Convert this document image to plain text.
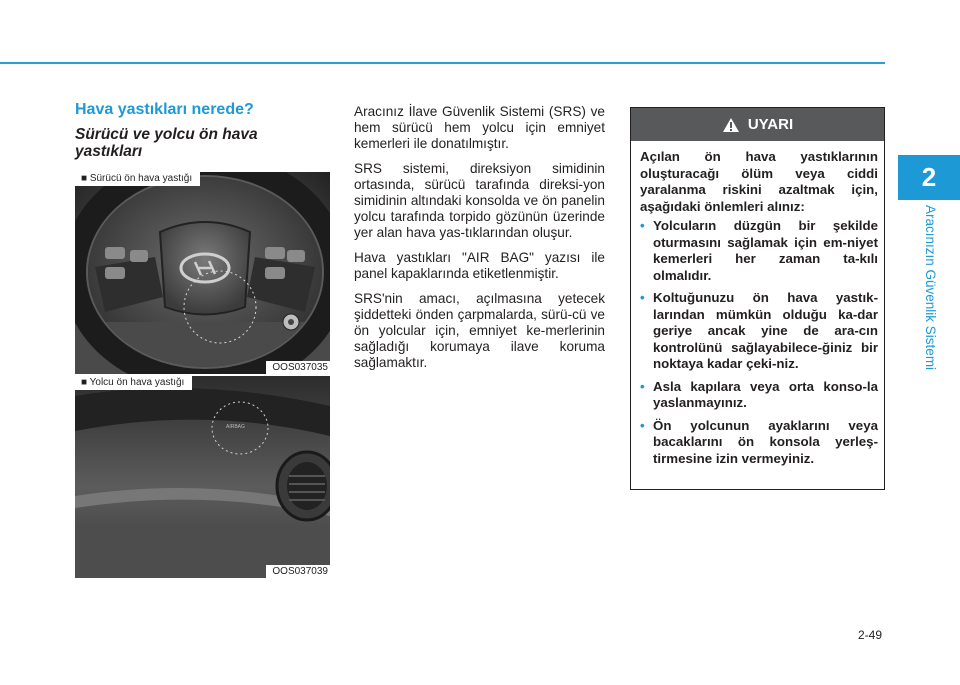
2
Aracınızın Güvenlik Sistemi
Hava yastıkları nerede?
Sürücü ve yolcu ön hava yastıkları
■ Sürücü ön hava yastığı
OOS037035
AIRBAG
■ Yolcu ön hava yastığı
OOS037039

Aracınız İlave Güvenlik Sistemi (SRS) ve hem sürücü hem yolcu için emniyet kemerleri ile donatılmıştır.

SRS sistemi, direksiyon simidinin ortasında, sürücü tarafında direksi-yon simidinin altındaki konsolda ve ön panelin yolcu tarafında torpido gözünün üzerinde yer alan hava yas-tıklarından oluşur.

Hava yastıkları "AIR BAG" yazısı ile panel kapaklarında etiketlenmiştir.

SRS'nin amacı, açılmasına yetecek şiddetteki önden çarpmalarda, sürü-cü ve ön yolcular için, emniyet ke-merlerinin sağladığı korumaya ilave koruma sağlamaktır.

UYARI

Açılan ön hava yastıklarının oluşturacağı ölüm veya ciddi yaralanma riskini azaltmak için, aşağıdaki önlemleri alınız:

• Yolcuların düzgün bir şekilde oturmasını sağlamak için em-niyet kemerleri her zaman ta-kılı olmalıdır.
• Koltuğunuzu ön hava yastık-larından mümkün olduğu ka-dar geriye ancak yine de ara-cın kontrolünü sağlayabilece-ğiniz bir noktaya kadar çeki-niz.
• Asla kapılara veya orta konso-la yaslanmayınız.
• Ön yolcunun ayaklarını veya bacaklarını ön konsola yerleş-tirmesine izin vermeyiniz.
2-49
